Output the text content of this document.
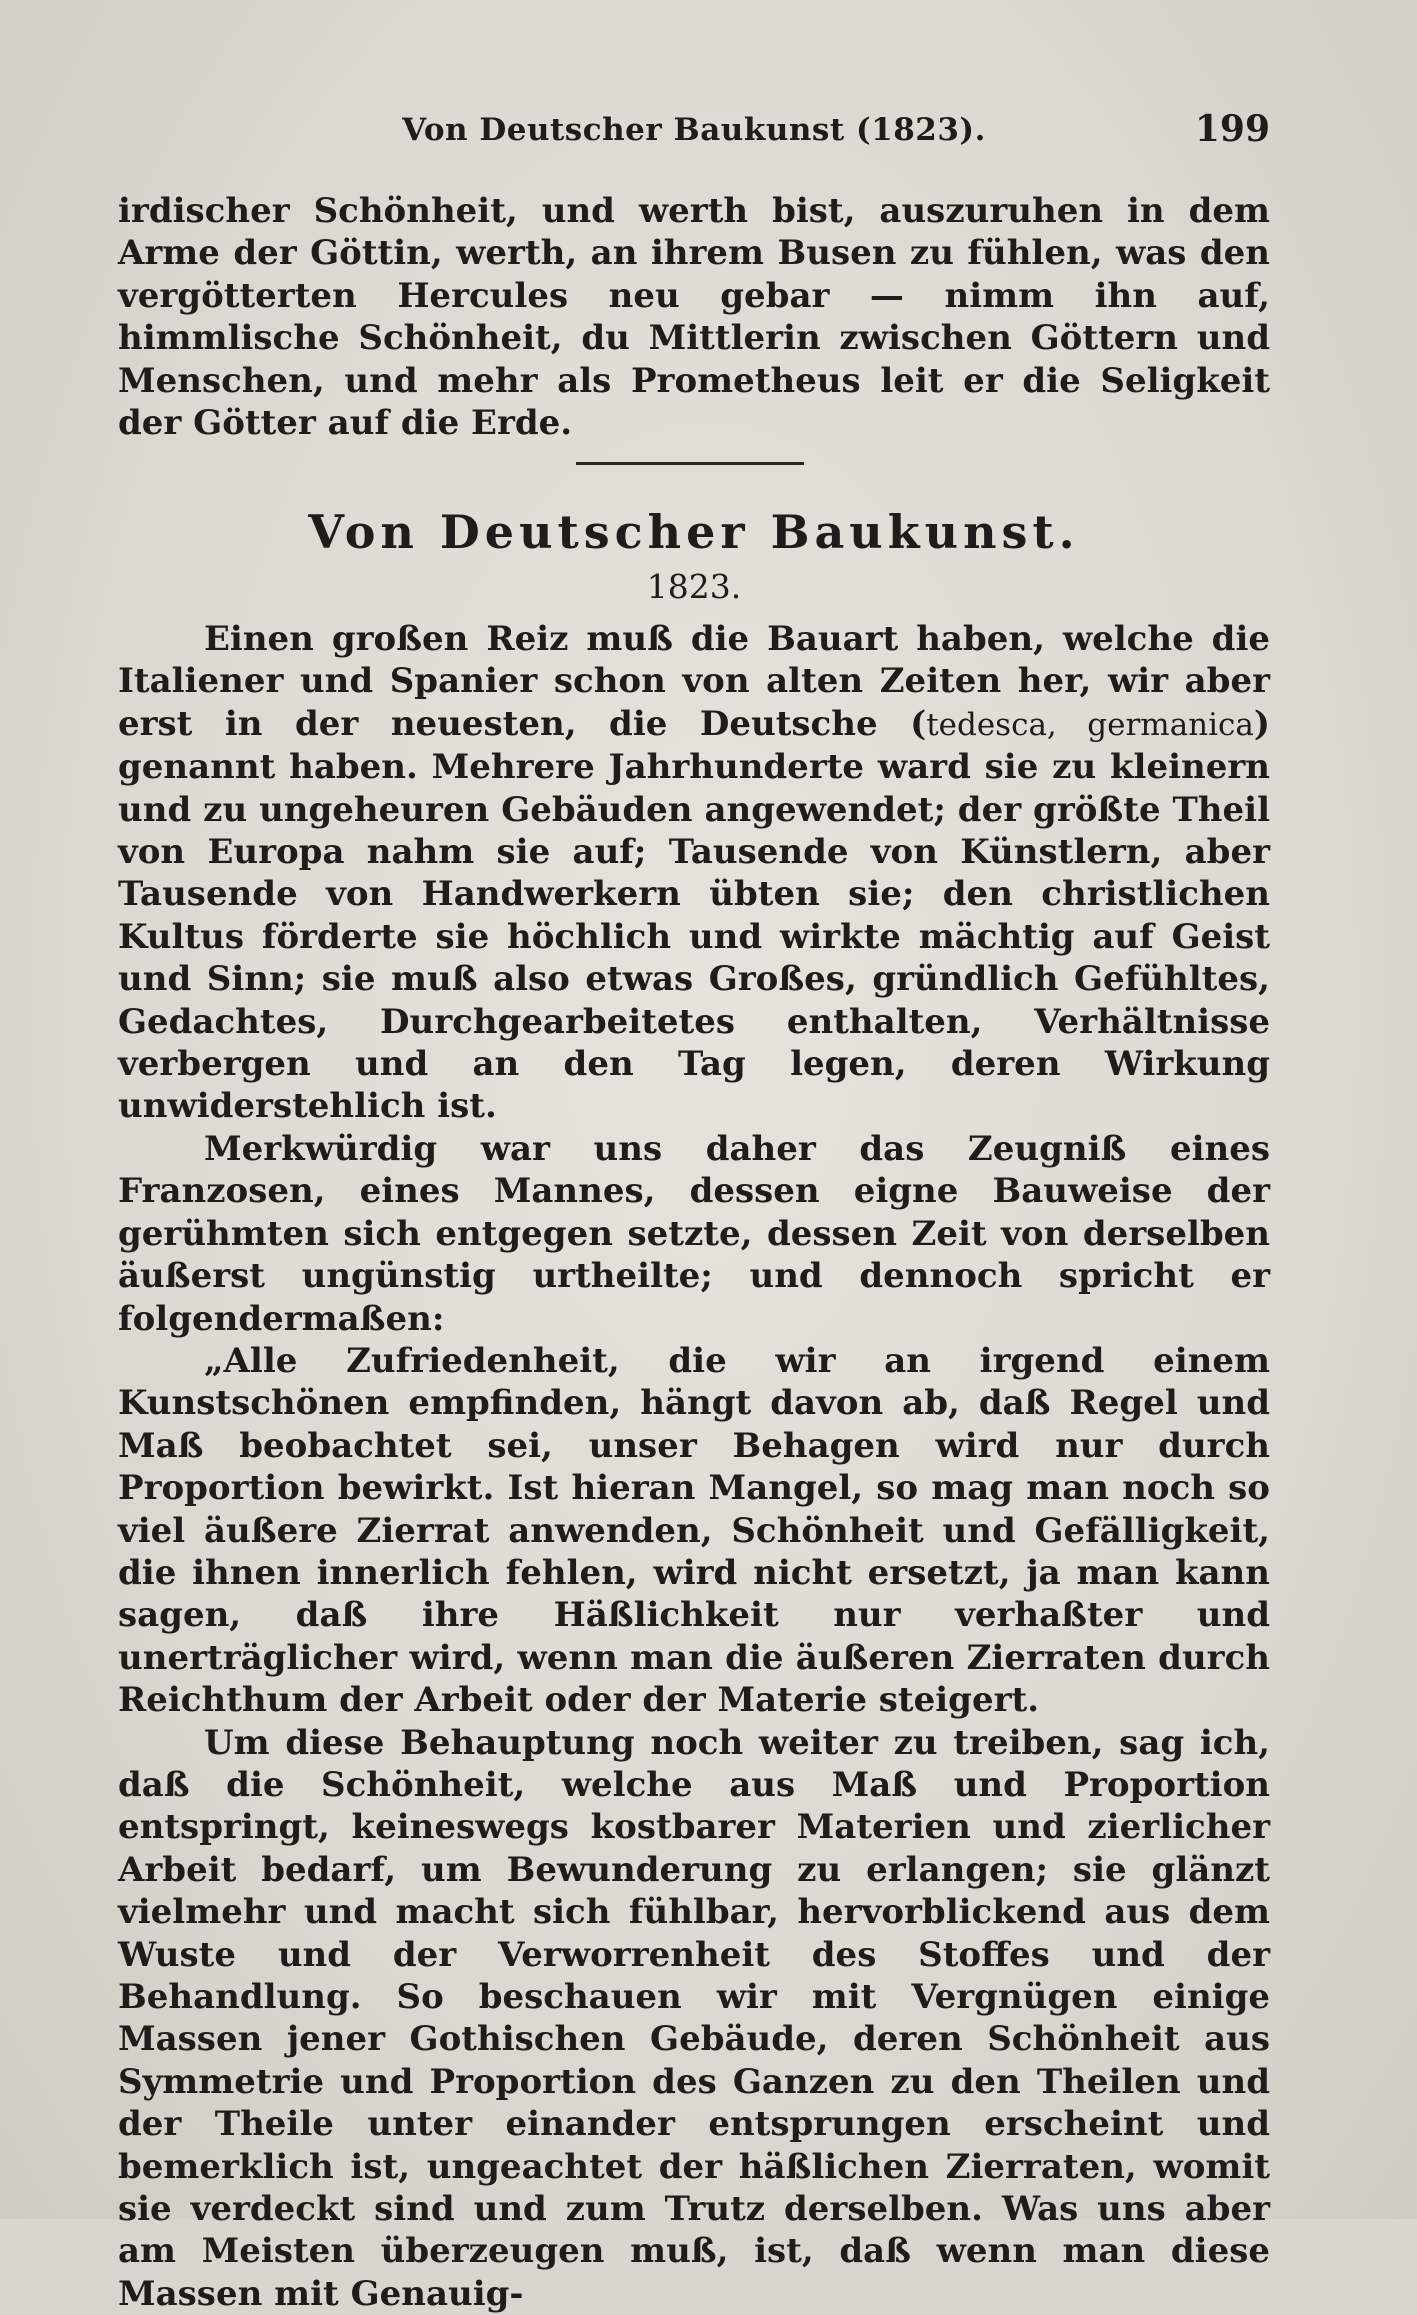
Von Deutscher Baukunst (1823).	199

irdischer Schönheit, und werth bist, auszuruhen in dem Arme der Göttin, werth, an ihrem Busen zu fühlen, was den vergötterten Hercules neu gebar — nimm ihn auf, himmlische Schönheit, du Mittlerin zwischen Göttern und Menschen, und mehr als Prometheus leit er die Seligkeit der Götter auf die Erde.

Von Deutscher Baukunst.
1823.

Einen großen Reiz muß die Bauart haben, welche die Italiener und Spanier schon von alten Zeiten her, wir aber erst in der neuesten, die Deutsche (tedesca, germanica) genannt haben. Mehrere Jahrhunderte ward sie zu kleinern und zu ungeheuren Gebäuden angewendet; der größte Theil von Europa nahm sie auf; Tausende von Künstlern, aber Tausende von Handwerkern übten sie; den christlichen Kultus förderte sie höchlich und wirkte mächtig auf Geist und Sinn; sie muß also etwas Großes, gründlich Gefühltes, Gedachtes, Durchgearbeitetes enthalten, Verhältnisse verbergen und an den Tag legen, deren Wirkung unwiderstehlich ist.

Merkwürdig war uns daher das Zeugniß eines Franzosen, eines Mannes, dessen eigne Bauweise der gerühmten sich entgegen setzte, dessen Zeit von derselben äußerst ungünstig urtheilte; und dennoch spricht er folgendermaßen:

„Alle Zufriedenheit, die wir an irgend einem Kunstschönen empfinden, hängt davon ab, daß Regel und Maß beobachtet sei, unser Behagen wird nur durch Proportion bewirkt. Ist hieran Mangel, so mag man noch so viel äußere Zierrat anwenden, Schönheit und Gefälligkeit, die ihnen innerlich fehlen, wird nicht ersetzt, ja man kann sagen, daß ihre Häßlichkeit nur verhaßter und unerträglicher wird, wenn man die äußeren Zierraten durch Reichthum der Arbeit oder der Materie steigert.

Um diese Behauptung noch weiter zu treiben, sag ich, daß die Schönheit, welche aus Maß und Proportion entspringt, keineswegs kostbarer Materien und zierlicher Arbeit bedarf, um Bewunderung zu erlangen; sie glänzt vielmehr und macht sich fühlbar, hervorblickend aus dem Wuste und der Verworrenheit des Stoffes und der Behandlung. So beschauen wir mit Vergnügen einige Massen jener Gothischen Gebäude, deren Schönheit aus Symmetrie und Proportion des Ganzen zu den Theilen und der Theile unter einander entsprungen erscheint und bemerklich ist, ungeachtet der häßlichen Zierraten, womit sie verdeckt sind und zum Trutz derselben. Was uns aber am Meisten überzeugen muß, ist, daß wenn man diese Massen mit Genauig-
